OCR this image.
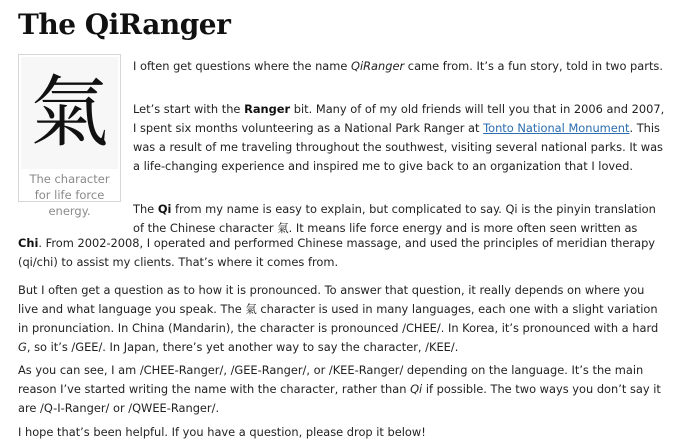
The QiRanger
氣
The character for life force energy.

I often get questions where the name QiRanger came from. It’s a fun story, told in two parts.

Let’s start with the Ranger bit. Many of of my old friends will tell you that in 2006 and 2007, I spent six months volunteering as a National Park Ranger at Tonto National Monument. This was a result of me traveling throughout the southwest, visiting several national parks. It was a life-changing experience and inspired me to give back to an organization that I loved.

The Qi from my name is easy to explain, but complicated to say. Qi is the pinyin translation of the Chinese character 氣. It means life force energy and is more often seen written as

Chi. From 2002-2008, I operated and performed Chinese massage, and used the principles of meridian therapy (qi/chi) to assist my clients. That’s where it comes from.

But I often get a question as to how it is pronounced. To answer that question, it really depends on where you live and what language you speak. The 氣 character is used in many languages, each one with a slight variation in pronunciation. In China (Mandarin), the character is pronounced /CHEE/. In Korea, it’s pronounced with a hard G, so it’s /GEE/. In Japan, there’s yet another way to say the character, /KEE/.

As you can see, I am /CHEE-Ranger/, /GEE-Ranger/, or /KEE-Ranger/ depending on the language. It’s the main reason I’ve started writing the name with the character, rather than Qi if possible. The two ways you don’t say it are /Q-I-Ranger/ or /QWEE-Ranger/.

I hope that’s been helpful. If you have a question, please drop it below!
